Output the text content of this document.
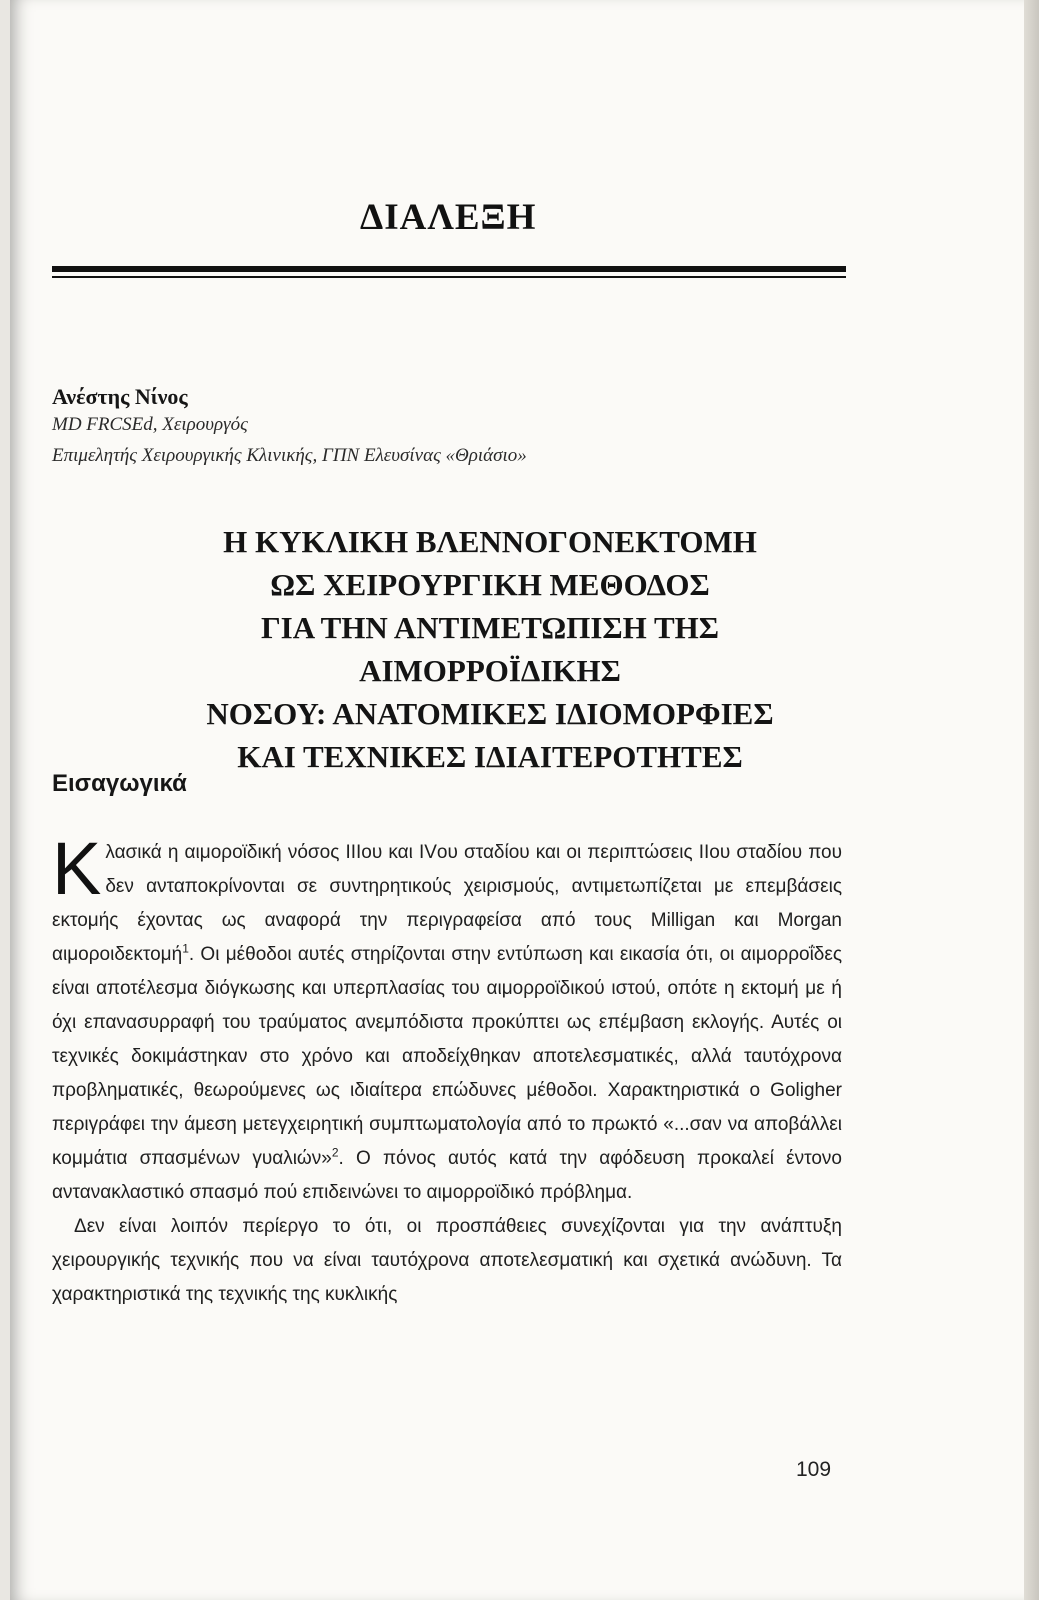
ΔΙΑΛΕΞΗ
Ανέστης Νίνος
MD FRCSEd, Χειρουργός
Επιμελητής Χειρουργικής Κλινικής, ΓΠΝ Ελευσίνας «Θριάσιο»
Η ΚΥΚΛΙΚΗ ΒΛΕΝΝΟΓΟΝΕΚΤΟΜΗ
ΩΣ ΧΕΙΡΟΥΡΓΙΚΗ ΜΕΘΟΔΟΣ
ΓΙΑ ΤΗΝ ΑΝΤΙΜΕΤΩΠΙΣΗ ΤΗΣ ΑΙΜΟΡΡΟΪΔΙΚΗΣ
ΝΟΣΟΥ: ΑΝΑΤΟΜΙΚΕΣ ΙΔΙΟΜΟΡΦΙΕΣ
ΚΑΙ ΤΕΧΝΙΚΕΣ ΙΔΙΑΙΤΕΡΟΤΗΤΕΣ
Εισαγωγικά

Κλασικά η αιμοροϊδική νόσος ΙΙΙου και ΙVου σταδίου και οι περιπτώσεις ΙΙου σταδίου που δεν ανταποκρίνονται σε συντηρητικούς χειρισμούς, αντιμετωπίζεται με επεμβάσεις εκτομής έχοντας ως αναφορά την περιγραφείσα από τους Milligan και Morgan αιμοροιδεκτομή$^1$. Οι μέθοδοι αυτές στηρίζονται στην εντύπωση και εικασία ότι, οι αιμορροΐδες είναι αποτέλεσμα διόγκωσης και υπερπλασίας του αιμορροϊδικού ιστού, οπότε η εκτομή με ή όχι επανασυρραφή του τραύματος ανεμπόδιστα προκύπτει ως επέμβαση εκλογής. Αυτές οι τεχνικές δοκιμάστηκαν στο χρόνο και αποδείχθηκαν αποτελεσματικές, αλλά ταυτόχρονα προβληματικές, θεωρούμενες ως ιδιαίτερα επώδυνες μέθοδοι. Χαρακτηριστικά ο Goligher περιγράφει την άμεση μετεγχειρητική συμπτωματολογία από το πρωκτό «...σαν να αποβάλλει κομμάτια σπασμένων γυαλιών»$^2$. Ο πόνος αυτός κατά την αφόδευση προκαλεί έντονο αντανακλαστικό σπασμό πού επιδεινώνει το αιμορροϊδικό πρόβλημα.

Δεν είναι λοιπόν περίεργο το ότι, οι προσπάθειες συνεχίζονται για την ανάπτυξη χειρουργικής τεχνικής που να είναι ταυτόχρονα αποτελεσματική και σχετικά ανώδυνη. Τα χαρακτηριστικά της τεχνικής της κυκλικής

109
